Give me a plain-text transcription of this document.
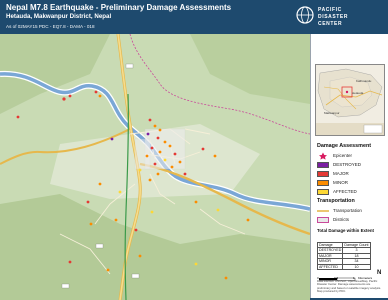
Nepal M7.8 Earthquake - Preliminary Damage Assessments
Hetauda, Makwanpur District, Nepal
As of 02MAY15 PDC - EQ7.8 - DAMA - 018
PACIFIC
DISASTER
CENTER
Hetauda
Kathmandu
Makwanpur
Damage Assessment
Epicenter
DESTROYED
MAJOR
MINOR
AFFECTED
Transportation
Transportation
Districts
Total Damage within Extent
Damage	Damage Count
DESTROYED	3
MAJOR	18
MINOR	34
AFFECTED	10
0	0.5	1 Kilometers
N
Data sources: UNOSAT, OpenStreetMap, Pacific Disaster Center. Damage assessments are preliminary and based on satellite imagery analysis. Map produced by PDC.
